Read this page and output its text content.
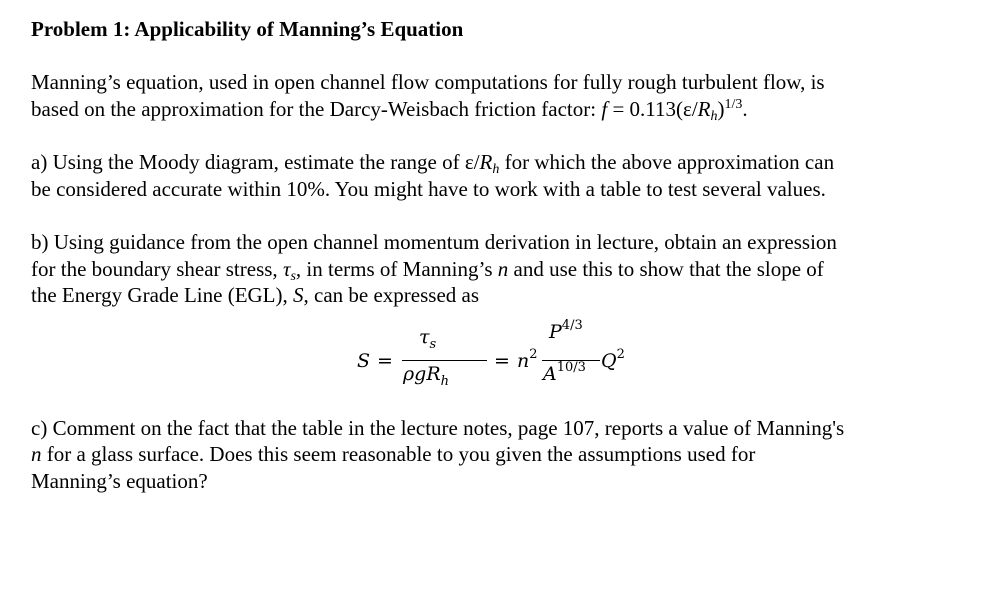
Problem 1: Applicability of Manning’s Equation

Manning’s equation, used in open channel flow computations for fully rough turbulent flow, is
based on the approximation for the Darcy-Weisbach friction factor: $f = 0.113(\varepsilon/R_h)^{1/3}$.
a) Using the Moody diagram, estimate the range of $\varepsilon/R_h$ for which the above approximation can
be considered accurate within 10%. You might have to work with a table to test several values.
b) Using guidance from the open channel momentum derivation in lecture, obtain an expression
for the boundary shear stress, $\tau_s$, in terms of Manning’s n and use this to show that the slope of
the Energy Grade Line (EGL), S, can be expressed as
S =
$\tau_s$
ρgR$_h$
= $n^2$
$P^{4/3}$
$A^{10/3}$ $Q^2$
c) Comment on the fact that the table in the lecture notes, page 107, reports a value of Manning's
n for a glass surface. Does this seem reasonable to you given the assumptions used for
Manning’s equation?
